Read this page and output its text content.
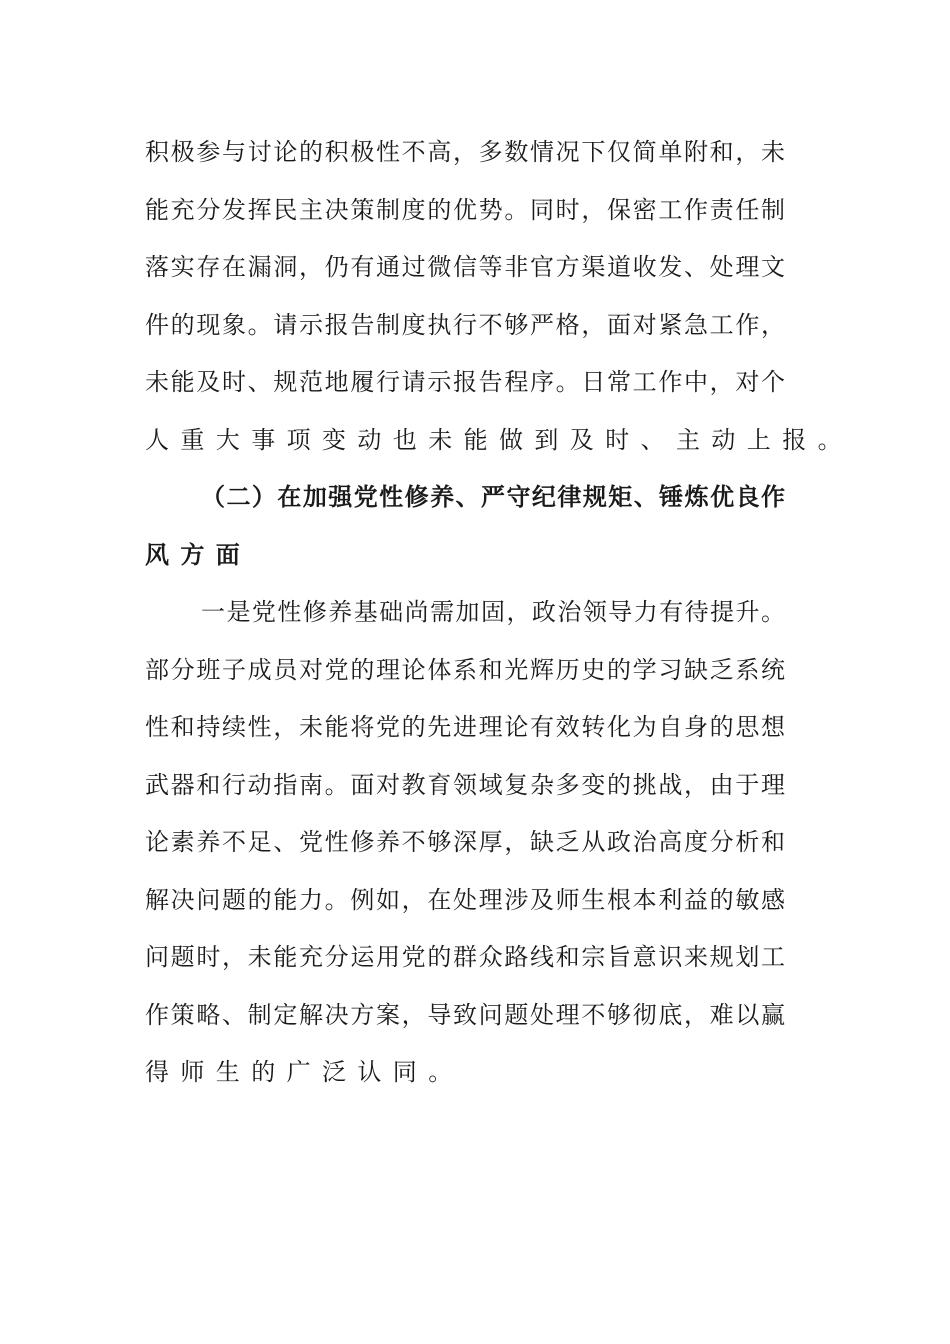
积极参与讨论的积极性不高，多数情况下仅简单附和，未
能充分发挥民主决策制度的优势。同时，保密工作责任制
落实存在漏洞，仍有通过微信等非官方渠道收发、处理文
件的现象。请示报告制度执行不够严格，面对紧急工作，
未能及时、规范地履行请示报告程序。日常工作中，对个
人重大事项变动也未能做到及时、主动上报。
（二）在加强党性修养、严守纪律规矩、锤炼优良作
风方面
一是党性修养基础尚需加固，政治领导力有待提升。
部分班子成员对党的理论体系和光辉历史的学习缺乏系统
性和持续性，未能将党的先进理论有效转化为自身的思想
武器和行动指南。面对教育领域复杂多变的挑战，由于理
论素养不足、党性修养不够深厚，缺乏从政治高度分析和
解决问题的能力。例如，在处理涉及师生根本利益的敏感
问题时，未能充分运用党的群众路线和宗旨意识来规划工
作策略、制定解决方案，导致问题处理不够彻底，难以赢
得师生的广泛认同。
